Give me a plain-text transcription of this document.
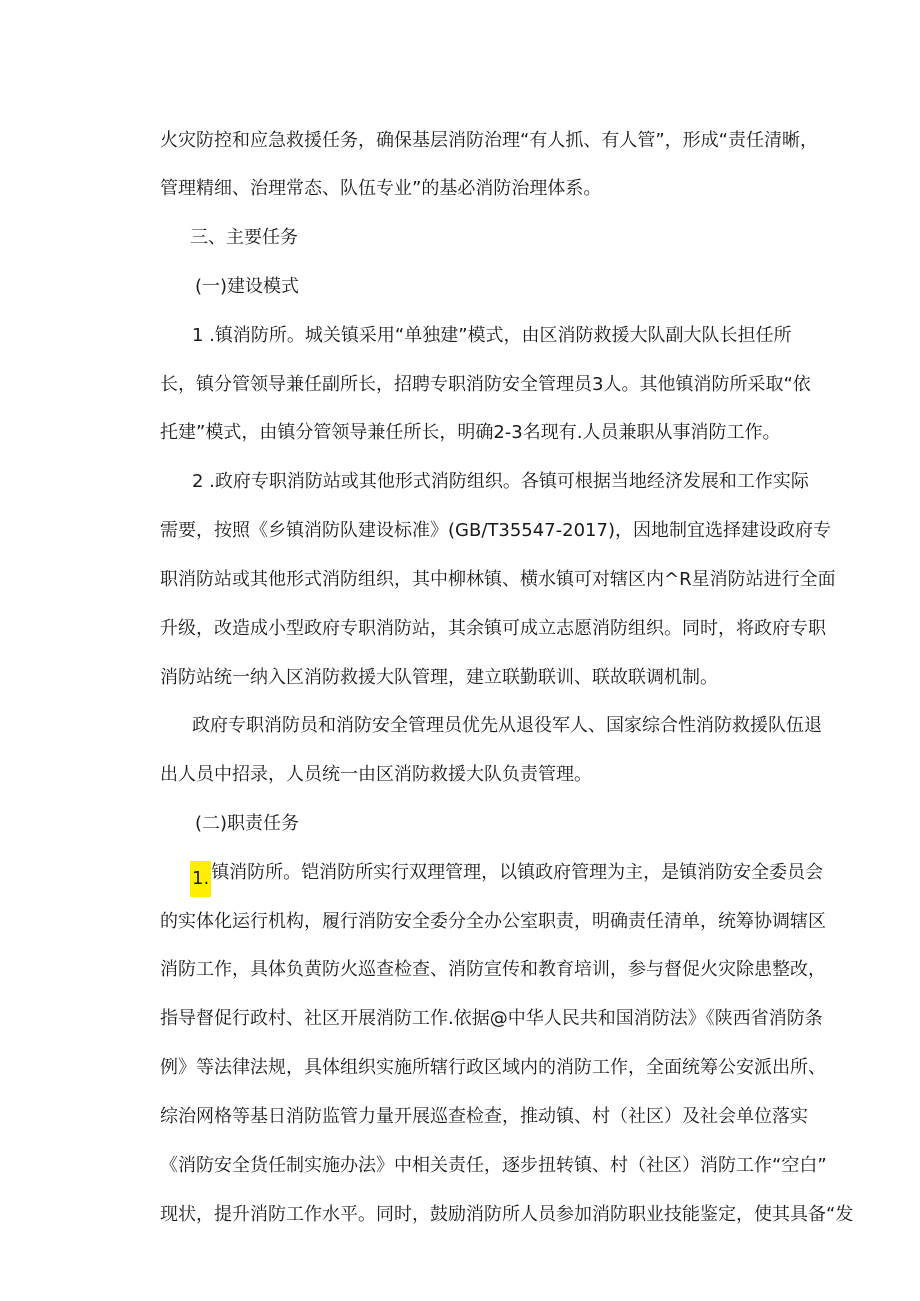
火灾防控和应急救援任务，确保基层消防治理“有人抓、有人管”，形成“责任清晰，
管理精细、治理常态、队伍专业”的基必消防治理体系。
三、主要任务
(一)建设模式
1 .镇消防所。城关镇采用“单独建”模式，由区消防救援大队副大队长担任所
长，镇分管领导兼任副所长，招聘专职消防安全管理员3人。其他镇消防所采取“依
托建”模式，由镇分管领导兼任所长，明确2-3名现有.人员兼职从事消防工作。
2 .政府专职消防站或其他形式消防组织。各镇可根据当地经济发展和工作实际
需要，按照《乡镇消防队建设标准》(GB/T35547-2017)，因地制宜选择建设政府专
职消防站或其他形式消防组织，其中柳林镇、横水镇可对辖区内^R星消防站进行全面
升级，改造成小型政府专职消防站，其余镇可成立志愿消防组织。同时，将政府专职
消防站统一纳入区消防救援大队管理，建立联勤联训、联故联调机制。
政府专职消防员和消防安全管理员优先从退役军人、国家综合性消防救援队伍退
出人员中招录，人员统一由区消防救援大队负责管理。
(二)职责任务
1. 镇消防所。铠消防所实行双理管理，以镇政府管理为主，是镇消防安全委员会
的实体化运行机构，履行消防安全委分全办公室职责，明确责任清单，统筹协调辖区
消防工作，具体负黄防火巡查检查、消防宣传和教育培训，参与督促火灾除患整改，
指导督促行政村、社区开展消防工作.依据@中华人民共和国消防法》《陕西省消防条
例》等法律法规，具体组织实施所辖行政区域内的消防工作，全面统筹公安派出所、
综治网格等基日消防监管力量开展巡查检查，推动镇、村（社区）及社会单位落实
《消防安全货任制实施办法》中相关责任，逐步扭转镇、村（社区）消防工作“空白”
现状，提升消防工作水平。同时，鼓励消防所人员参加消防职业技能鉴定，使其具备“发
